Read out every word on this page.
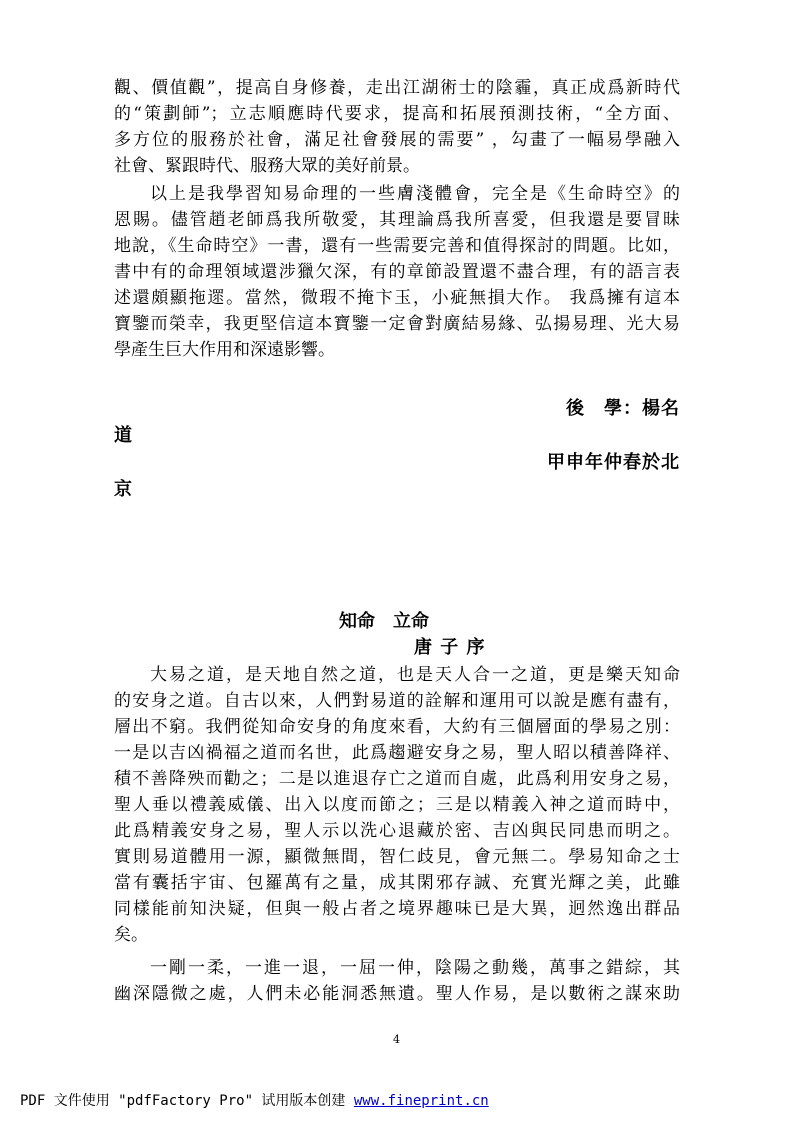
觀、價值觀”，提高自身修養，走出江湖術士的陰霾，真正成爲新時代
的“策劃師”；立志順應時代要求，提高和拓展預測技術，“全方面、
多方位的服務於社會，滿足社會發展的需要” ，勾畫了一幅易學融入
社會、緊跟時代、服務大眾的美好前景。
以上是我學習知易命理的一些膚淺體會，完全是《生命時空》的
恩賜。儘管趙老師爲我所敬愛，其理論爲我所喜愛，但我還是要冒昧
地說，《生命時空》一書，還有一些需要完善和值得探討的問題。比如，
書中有的命理領域還涉獵欠深，有的章節設置還不盡合理，有的語言表
述還頗顯拖遝。當然，微瑕不掩卞玉，小疵無損大作。 我爲擁有這本
寶鑒而榮幸，我更堅信這本寶鑒一定會對廣結易緣、弘揚易理、光大易
學產生巨大作用和深遠影響。
後　學：楊名
道
甲申年仲春於北
京
知命　立命
唐 子 序
大易之道，是天地自然之道，也是天人合一之道，更是樂天知命
的安身之道。自古以來，人們對易道的詮解和運用可以說是應有盡有，
層出不窮。我們從知命安身的角度來看，大約有三個層面的學易之別：
一是以吉凶禍福之道而名世，此爲趨避安身之易，聖人昭以積善降祥、
積不善降殃而勸之；二是以進退存亡之道而自處，此爲利用安身之易，
聖人垂以禮義威儀、出入以度而節之；三是以精義入神之道而時中，
此爲精義安身之易，聖人示以洗心退藏於密、吉凶與民同患而明之。
實則易道體用一源，顯微無間，智仁歧見，會元無二。學易知命之士
當有囊括宇宙、包羅萬有之量，成其閑邪存誠、充實光輝之美，此雖
同樣能前知決疑，但與一般占者之境界趣味已是大異，迥然逸出群品
矣。
一剛一柔，一進一退，一屈一伸，陰陽之動幾，萬事之錯綜，其
幽深隱微之處，人們未必能洞悉無遺。聖人作易，是以數術之謀來助
4
PDF 文件使用 "pdfFactory Pro" 试用版本创建 www.fineprint.cn
